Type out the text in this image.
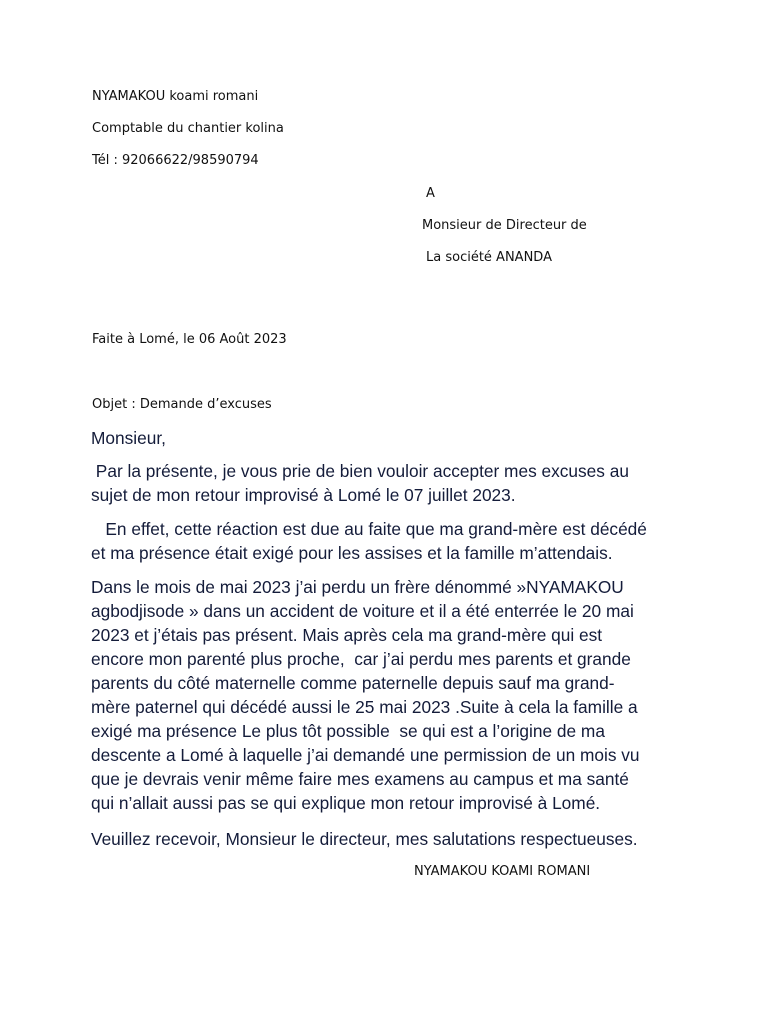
NYAMAKOU koami romani
Comptable du chantier kolina
Tél : 92066622/98590794
A
Monsieur de Directeur de
La société ANANDA
Faite à Lomé, le 06 Août 2023
Objet : Demande d’excuses
Monsieur,

Par la présente, je vous prie de bien vouloir accepter mes excuses au

sujet de mon retour improvisé à Lomé le 07 juillet 2023.

En effet, cette réaction est due au faite que ma grand-mère est décédé

et ma présence était exigé pour les assises et la famille m’attendais.

Dans le mois de mai 2023 j’ai perdu un frère dénommé »NYAMAKOU

agbodjisode » dans un accident de voiture et il a été enterrée le 20 mai

2023 et j’étais pas présent. Mais après cela ma grand-mère qui est

encore mon parenté plus proche,  car j’ai perdu mes parents et grande

parents du côté maternelle comme paternelle depuis sauf ma grand-

mère paternel qui décédé aussi le 25 mai 2023 .Suite à cela la famille a

exigé ma présence Le plus tôt possible  se qui est a l’origine de ma

descente a Lomé à laquelle j’ai demandé une permission de un mois vu

que je devrais venir même faire mes examens au campus et ma santé

qui n’allait aussi pas se qui explique mon retour improvisé à Lomé.

Veuillez recevoir, Monsieur le directeur, mes salutations respectueuses.
NYAMAKOU KOAMI ROMANI
